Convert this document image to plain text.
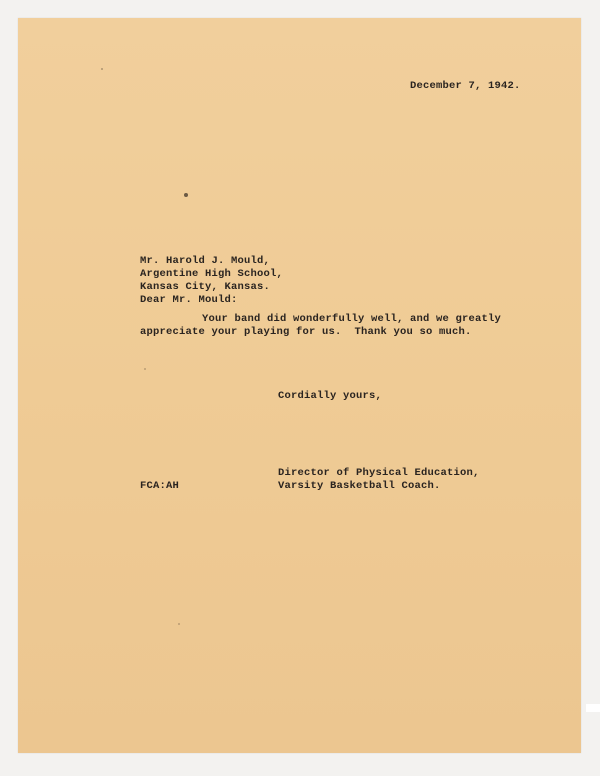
December 7, 1942.
Mr. Harold J. Mould,
Argentine High School,
Kansas City, Kansas.
Dear Mr. Mould:
Your band did wonderfully well, and we greatly
appreciate your playing for us.  Thank you so much.
Cordially yours,
Director of Physical Education,
Varsity Basketball Coach.
FCA:AH
